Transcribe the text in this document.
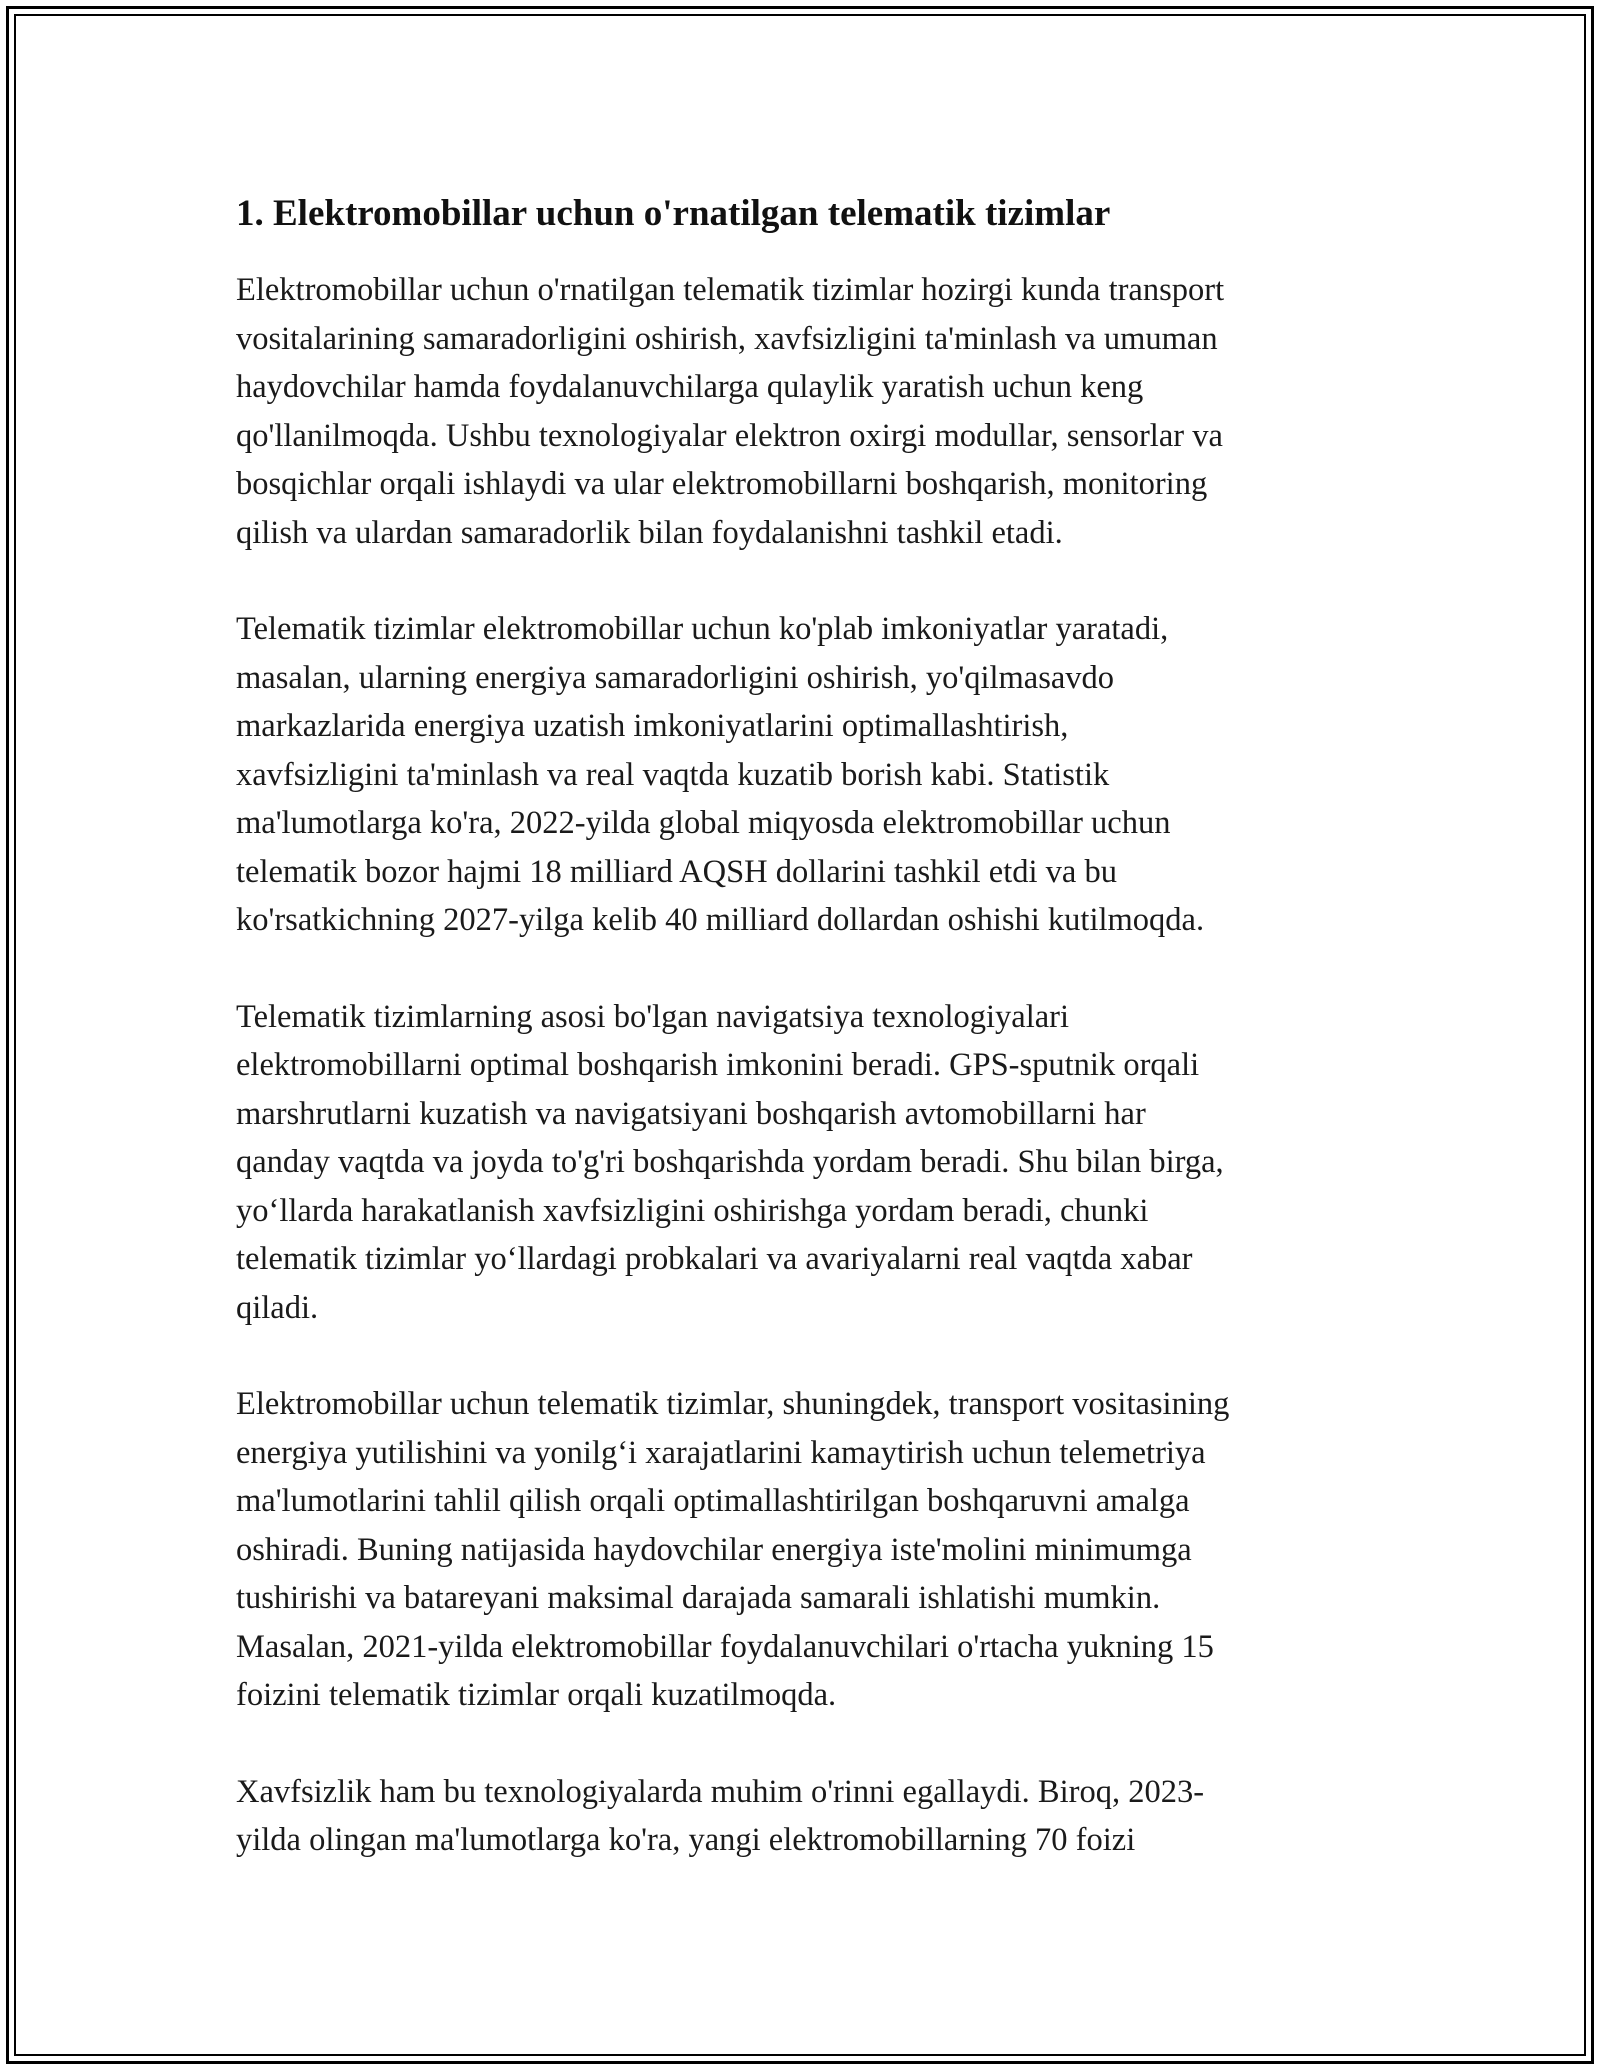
1. Elektromobillar uchun o'rnatilgan telematik tizimlar

Elektromobillar uchun o'rnatilgan telematik tizimlar hozirgi kunda transport
vositalarining samaradorligini oshirish, xavfsizligini ta'minlash va umuman
haydovchilar hamda foydalanuvchilarga qulaylik yaratish uchun keng
qo'llanilmoqda. Ushbu texnologiyalar elektron oxirgi modullar, sensorlar va
bosqichlar orqali ishlaydi va ular elektromobillarni boshqarish, monitoring
qilish va ulardan samaradorlik bilan foydalanishni tashkil etadi.

Telematik tizimlar elektromobillar uchun ko'plab imkoniyatlar yaratadi,
masalan, ularning energiya samaradorligini oshirish, yo'qilmasavdo
markazlarida energiya uzatish imkoniyatlarini optimallashtirish,
xavfsizligini ta'minlash va real vaqtda kuzatib borish kabi. Statistik
ma'lumotlarga ko'ra, 2022-yilda global miqyosda elektromobillar uchun
telematik bozor hajmi 18 milliard AQSH dollarini tashkil etdi va bu
ko'rsatkichning 2027-yilga kelib 40 milliard dollardan oshishi kutilmoqda.

Telematik tizimlarning asosi bo'lgan navigatsiya texnologiyalari
elektromobillarni optimal boshqarish imkonini beradi. GPS-sputnik orqali
marshrutlarni kuzatish va navigatsiyani boshqarish avtomobillarni har
qanday vaqtda va joyda to'g'ri boshqarishda yordam beradi. Shu bilan birga,
yo‘llarda harakatlanish xavfsizligini oshirishga yordam beradi, chunki
telematik tizimlar yo‘llardagi probkalari va avariyalarni real vaqtda xabar
qiladi.

Elektromobillar uchun telematik tizimlar, shuningdek, transport vositasining
energiya yutilishini va yonilg‘i xarajatlarini kamaytirish uchun telemetriya
ma'lumotlarini tahlil qilish orqali optimallashtirilgan boshqaruvni amalga
oshiradi. Buning natijasida haydovchilar energiya iste'molini minimumga
tushirishi va batareyani maksimal darajada samarali ishlatishi mumkin.
Masalan, 2021-yilda elektromobillar foydalanuvchilari o'rtacha yukning 15
foizini telematik tizimlar orqali kuzatilmoqda.

Xavfsizlik ham bu texnologiyalarda muhim o'rinni egallaydi. Biroq, 2023-
yilda olingan ma'lumotlarga ko'ra, yangi elektromobillarning 70 foizi
